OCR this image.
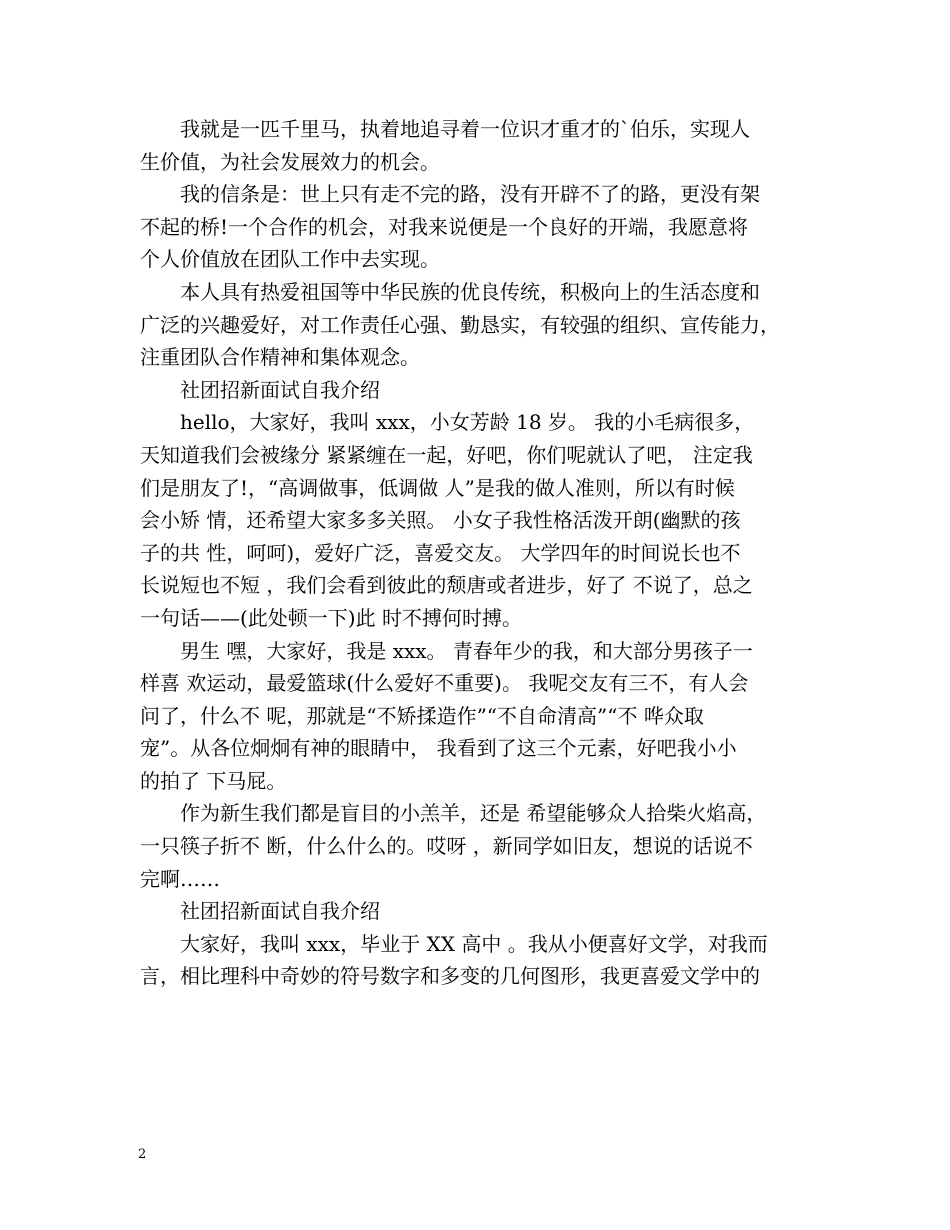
　　我就是一匹千里马，执着地追寻着一位识才重才的`伯乐，实现人
生价值，为社会发展效力的机会。
　　我的信条是：世上只有走不完的路，没有开辟不了的路，更没有架
不起的桥!一个合作的机会，对我来说便是一个良好的开端，我愿意将
个人价值放在团队工作中去实现。
　　本人具有热爱祖国等中华民族的优良传统，积极向上的生活态度和
广泛的兴趣爱好，对工作责任心强、勤恳实，有较强的组织、宣传能力，
注重团队合作精神和集体观念。
　　社团招新面试自我介绍
　　hello，大家好，我叫 xxx，小女芳龄 18 岁。 我的小毛病很多，
天知道我们会被缘分 紧紧缠在一起，好吧，你们呢就认了吧， 注定我
们是朋友了!，“高调做事，低调做 人”是我的做人准则，所以有时候
会小矫 情，还希望大家多多关照。 小女子我性格活泼开朗(幽默的孩
子的共 性，呵呵)，爱好广泛，喜爱交友。 大学四年的时间说长也不
长说短也不短 ，我们会看到彼此的颓唐或者进步，好了 不说了，总之
一句话——(此处顿一下)此 时不搏何时搏。
　　男生 嘿，大家好，我是 xxx。 青春年少的我，和大部分男孩子一
样喜 欢运动，最爱篮球(什么爱好不重要)。 我呢交友有三不，有人会
问了，什么不 呢，那就是“不矫揉造作”“不自命清高”“不 哗众取
宠”。从各位炯炯有神的眼睛中， 我看到了这三个元素，好吧我小小
的拍了 下马屁。
　　作为新生我们都是盲目的小羔羊，还是 希望能够众人拾柴火焰高，
一只筷子折不 断，什么什么的。哎呀 ，新同学如旧友，想说的话说不
完啊……
　　社团招新面试自我介绍
　　大家好，我叫 xxx，毕业于 XX 高中 。我从小便喜好文学，对我而
言，相比理科中奇妙的符号数字和多变的几何图形，我更喜爱文学中的
2
